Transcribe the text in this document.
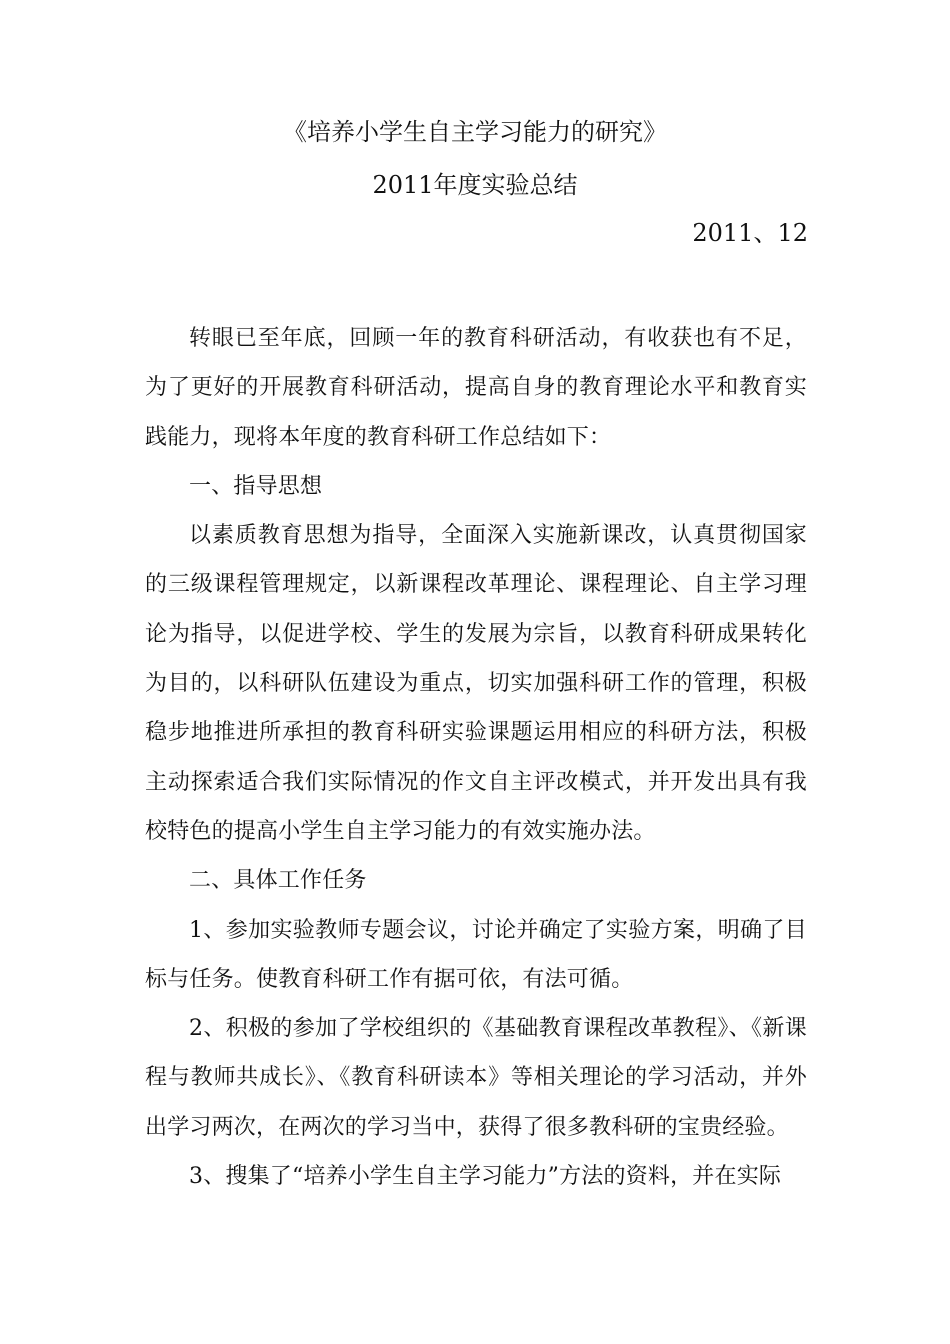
《培养小学生自主学习能力的研究》
2011年度实验总结
2011、12

转眼已至年底，回顾一年的教育科研活动，有收获也有不足，为了更好的开展教育科研活动，提高自身的教育理论水平和教育实践能力，现将本年度的教育科研工作总结如下：

一、指导思想

以素质教育思想为指导，全面深入实施新课改，认真贯彻国家的三级课程管理规定，以新课程改革理论、课程理论、自主学习理论为指导，以促进学校、学生的发展为宗旨，以教育科研成果转化为目的，以科研队伍建设为重点，切实加强科研工作的管理，积极稳步地推进所承担的教育科研实验课题运用相应的科研方法，积极主动探索适合我们实际情况的作文自主评改模式，并开发出具有我校特色的提高小学生自主学习能力的有效实施办法。

二、具体工作任务

1、参加实验教师专题会议，讨论并确定了实验方案，明确了目标与任务。使教育科研工作有据可依，有法可循。

2、积极的参加了学校组织的《基础教育课程改革教程》、《新课程与教师共成长》、《教育科研读本》等相关理论的学习活动，并外出学习两次，在两次的学习当中，获得了很多教科研的宝贵经验。

3、搜集了“培养小学生自主学习能力”方法的资料，并在实际
